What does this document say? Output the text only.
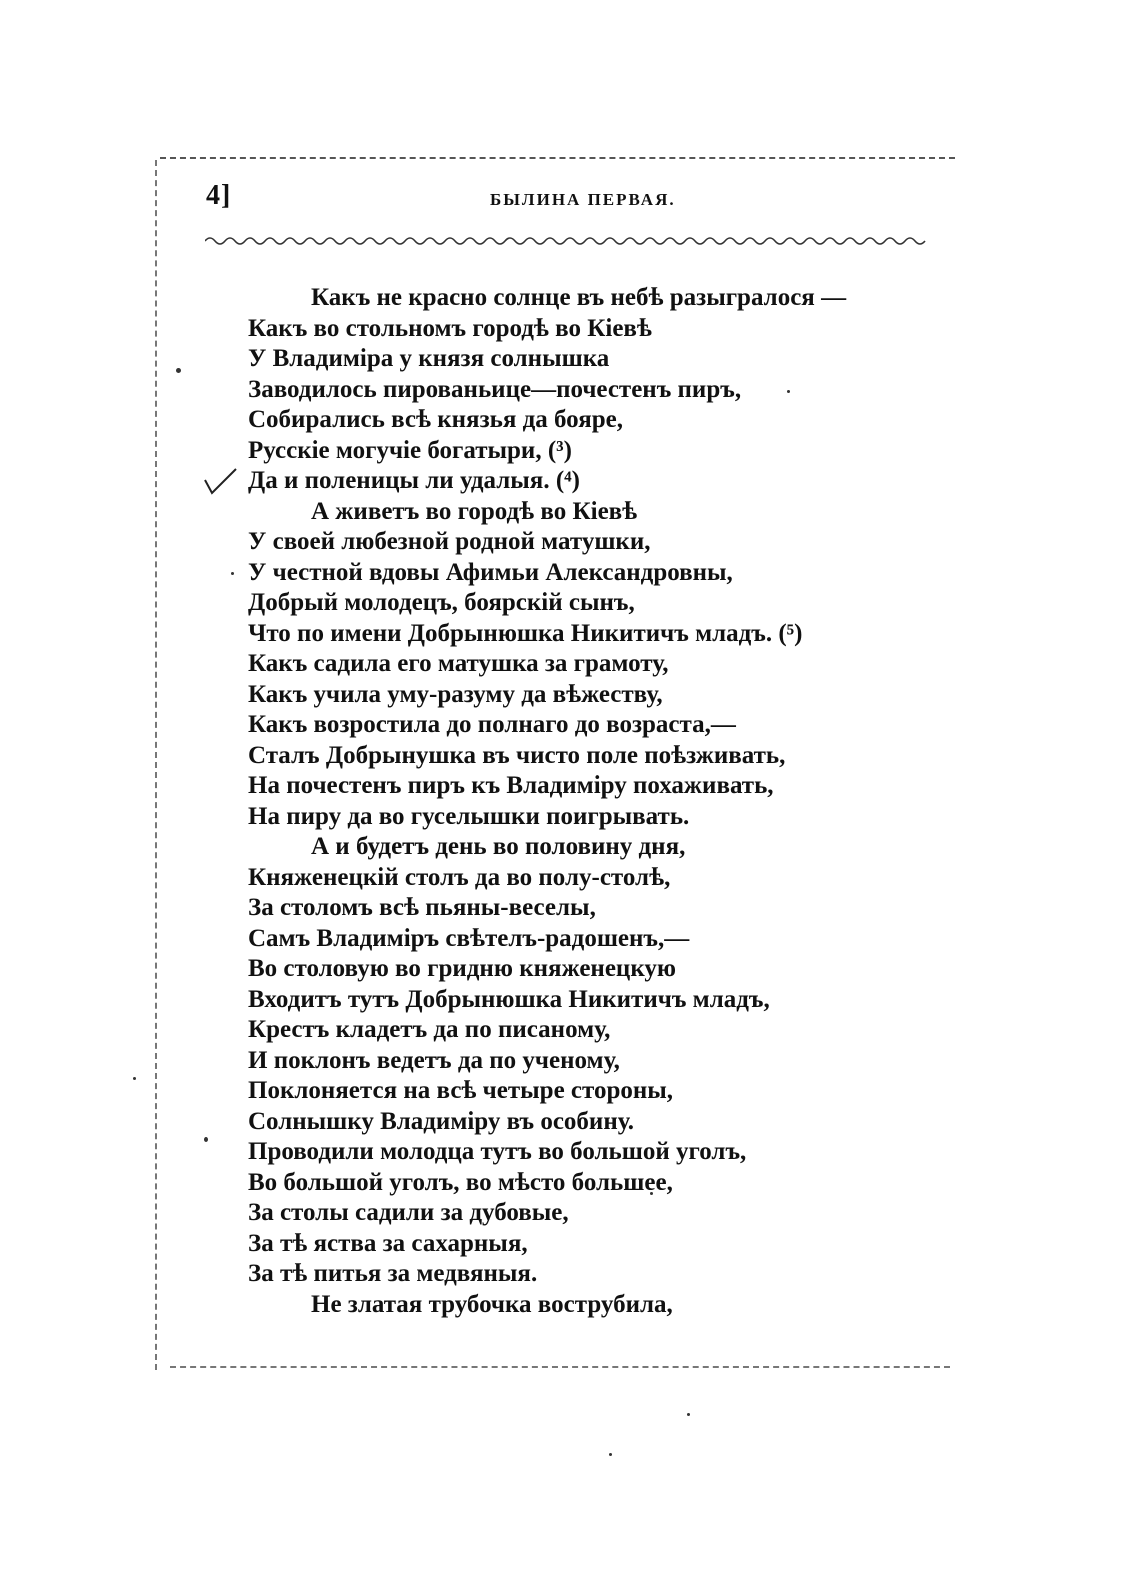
4]	БЫЛИНА ПЕРВАЯ.
Какъ не красно солнце въ небѣ разыгралося —
Какъ во стольномъ городѣ во Кіевѣ
У Владиміра у князя солнышка
Заводилось пированьице—почестенъ пиръ,
Собирались всѣ князья да бояре,
Русскіе могучіе богатыри, (³)
Да и поленицы ли удалыя. (⁴)
А живетъ во городѣ во Кіевѣ
У своей любезной родной матушки,
У честной вдовы Афимьи Александровны,
Добрый молодецъ, боярскій сынъ,
Что по имени Добрынюшка Никитичъ младъ. (⁵)
Какъ садила его матушка за грамоту,
Какъ учила уму-разуму да вѣжеству,
Какъ возростила до полнаго до возраста,—
Сталъ Добрынушка въ чисто поле поѣзживать,
На почестенъ пиръ къ Владиміру похаживать,
На пиру да во гуселышки поигрывать.
А и будетъ день во половину дня,
Княженецкій столъ да во полу-столѣ,
За столомъ всѣ пьяны-веселы,
Самъ Владиміръ свѣтелъ-радошенъ,—
Во столовую во гридню княженецкую
Входитъ тутъ Добрынюшка Никитичъ младъ,
Крестъ кладетъ да по писаному,
И поклонъ ведетъ да по ученому,
Поклоняется на всѣ четыре стороны,
Солнышку Владиміру въ особину.
Проводили молодца тутъ во большой уголъ,
Во большой уголъ, во мѣсто большее,
За столы садили за дубовые,
За тѣ яства за сахарныя,
За тѣ питья за медвяныя.
Не златая трубочка вострубила,
